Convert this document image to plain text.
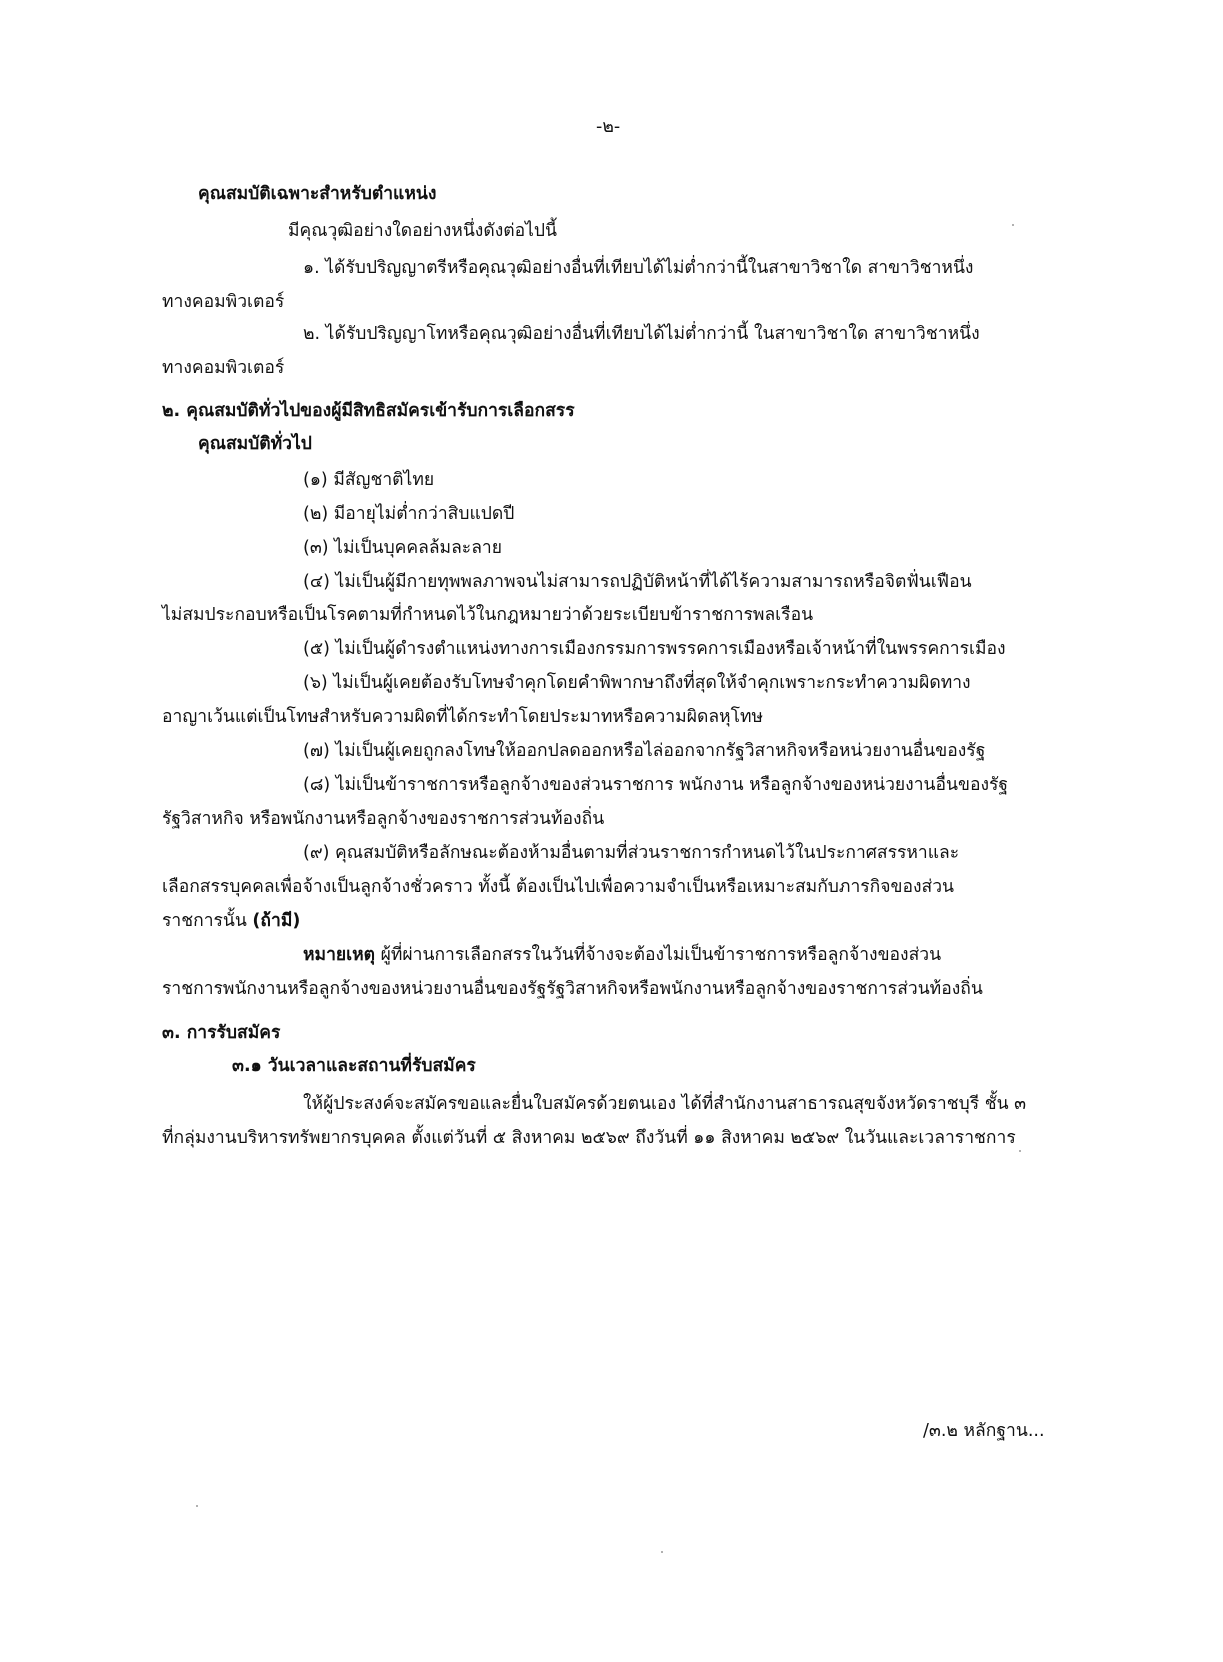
-๒-
คุณสมบัติเฉพาะสำหรับตำแหน่ง
มีคุณวุฒิอย่างใดอย่างหนึ่งดังต่อไปนี้
๑. ได้รับปริญญาตรีหรือคุณวุฒิอย่างอื่นที่เทียบได้ไม่ต่ำกว่านี้ในสาขาวิชาใด สาขาวิชาหนึ่ง
ทางคอมพิวเตอร์
๒. ได้รับปริญญาโทหรือคุณวุฒิอย่างอื่นที่เทียบได้ไม่ต่ำกว่านี้ ในสาขาวิชาใด สาขาวิชาหนึ่ง
ทางคอมพิวเตอร์
๒. คุณสมบัติทั่วไปของผู้มีสิทธิสมัครเข้ารับการเลือกสรร
คุณสมบัติทั่วไป
(๑) มีสัญชาติไทย
(๒) มีอายุไม่ต่ำกว่าสิบแปดปี
(๓) ไม่เป็นบุคคลล้มละลาย
(๔) ไม่เป็นผู้มีกายทุพพลภาพจนไม่สามารถปฏิบัติหน้าที่ได้ไร้ความสามารถหรือจิตฟั่นเฟือน
ไม่สมประกอบหรือเป็นโรคตามที่กำหนดไว้ในกฎหมายว่าด้วยระเบียบข้าราชการพลเรือน
(๕) ไม่เป็นผู้ดำรงตำแหน่งทางการเมืองกรรมการพรรคการเมืองหรือเจ้าหน้าที่ในพรรคการเมือง
(๖) ไม่เป็นผู้เคยต้องรับโทษจำคุกโดยคำพิพากษาถึงที่สุดให้จำคุกเพราะกระทำความผิดทาง
อาญาเว้นแต่เป็นโทษสำหรับความผิดที่ได้กระทำโดยประมาทหรือความผิดลหุโทษ
(๗) ไม่เป็นผู้เคยถูกลงโทษให้ออกปลดออกหรือไล่ออกจากรัฐวิสาหกิจหรือหน่วยงานอื่นของรัฐ
(๘) ไม่เป็นข้าราชการหรือลูกจ้างของส่วนราชการ พนักงาน หรือลูกจ้างของหน่วยงานอื่นของรัฐ
รัฐวิสาหกิจ หรือพนักงานหรือลูกจ้างของราชการส่วนท้องถิ่น
(๙) คุณสมบัติหรือลักษณะต้องห้ามอื่นตามที่ส่วนราชการกำหนดไว้ในประกาศสรรหาและ
เลือกสรรบุคคลเพื่อจ้างเป็นลูกจ้างชั่วคราว ทั้งนี้ ต้องเป็นไปเพื่อความจำเป็นหรือเหมาะสมกับภารกิจของส่วน
ราชการนั้น (ถ้ามี)
หมายเหตุ ผู้ที่ผ่านการเลือกสรรในวันที่จ้างจะต้องไม่เป็นข้าราชการหรือลูกจ้างของส่วน
ราชการพนักงานหรือลูกจ้างของหน่วยงานอื่นของรัฐรัฐวิสาหกิจหรือพนักงานหรือลูกจ้างของราชการส่วนท้องถิ่น
๓. การรับสมัคร
๓.๑ วันเวลาและสถานที่รับสมัคร
ให้ผู้ประสงค์จะสมัครขอและยื่นใบสมัครด้วยตนเอง ได้ที่สำนักงานสาธารณสุขจังหวัดราชบุรี ชั้น ๓
ที่กลุ่มงานบริหารทรัพยากรบุคคล ตั้งแต่วันที่ ๕ สิงหาคม ๒๕๖๙ ถึงวันที่ ๑๑ สิงหาคม ๒๕๖๙ ในวันและเวลาราชการ
/๓.๒ หลักฐาน...
